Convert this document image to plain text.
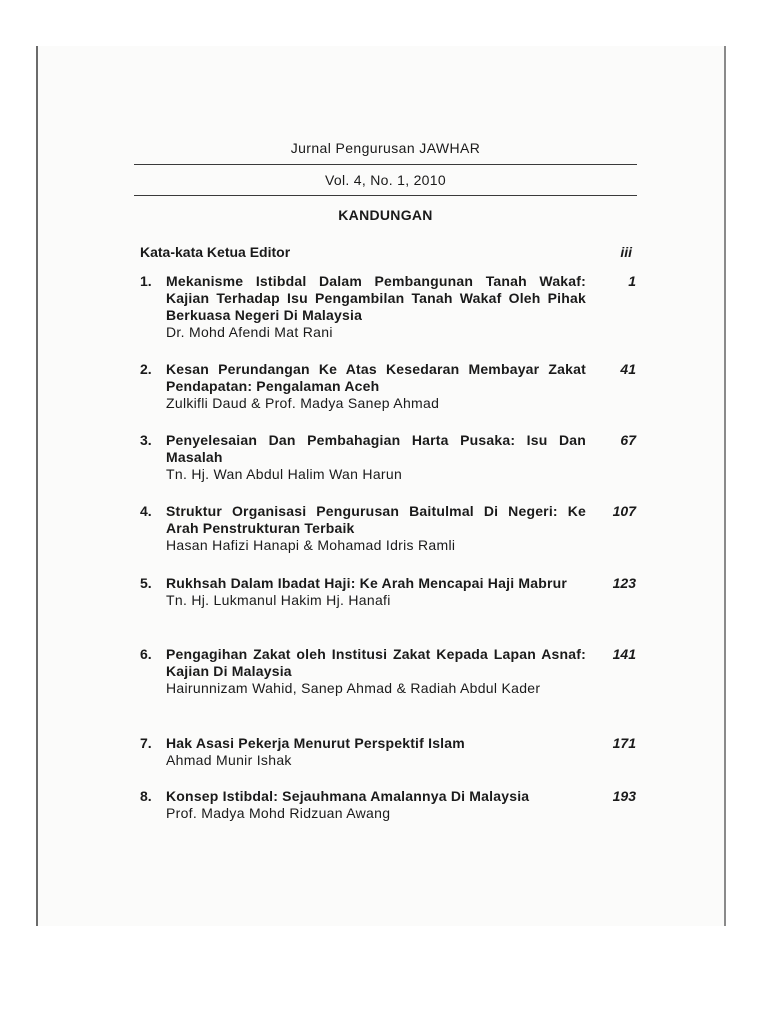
Jurnal Pengurusan JAWHAR
Vol. 4, No. 1, 2010
KANDUNGAN
Kata-kata Ketua Editor	iii
1. Mekanisme Istibdal Dalam Pembangunan Tanah Wakaf: Kajian Terhadap Isu Pengambilan Tanah Wakaf Oleh Pihak Berkuasa Negeri Di Malaysia
Dr. Mohd Afendi Mat Rani
1
2. Kesan Perundangan Ke Atas Kesedaran Membayar Zakat Pendapatan: Pengalaman Aceh
Zulkifli Daud & Prof. Madya Sanep Ahmad
41
3. Penyelesaian Dan Pembahagian Harta Pusaka: Isu Dan Masalah
Tn. Hj. Wan Abdul Halim Wan Harun
67
4. Struktur Organisasi Pengurusan Baitulmal Di Negeri: Ke Arah Penstrukturan Terbaik
Hasan Hafizi Hanapi & Mohamad Idris Ramli
107
5. Rukhsah Dalam Ibadat Haji: Ke Arah Mencapai Haji Mabrur
Tn. Hj. Lukmanul Hakim Hj. Hanafi
123
6. Pengagihan Zakat oleh Institusi Zakat Kepada Lapan Asnaf: Kajian Di Malaysia
Hairunnizam Wahid, Sanep Ahmad & Radiah Abdul Kader
141
7. Hak Asasi Pekerja Menurut Perspektif Islam
Ahmad Munir Ishak
171
8. Konsep Istibdal: Sejauhmana Amalannya Di Malaysia
Prof. Madya Mohd Ridzuan Awang
193
